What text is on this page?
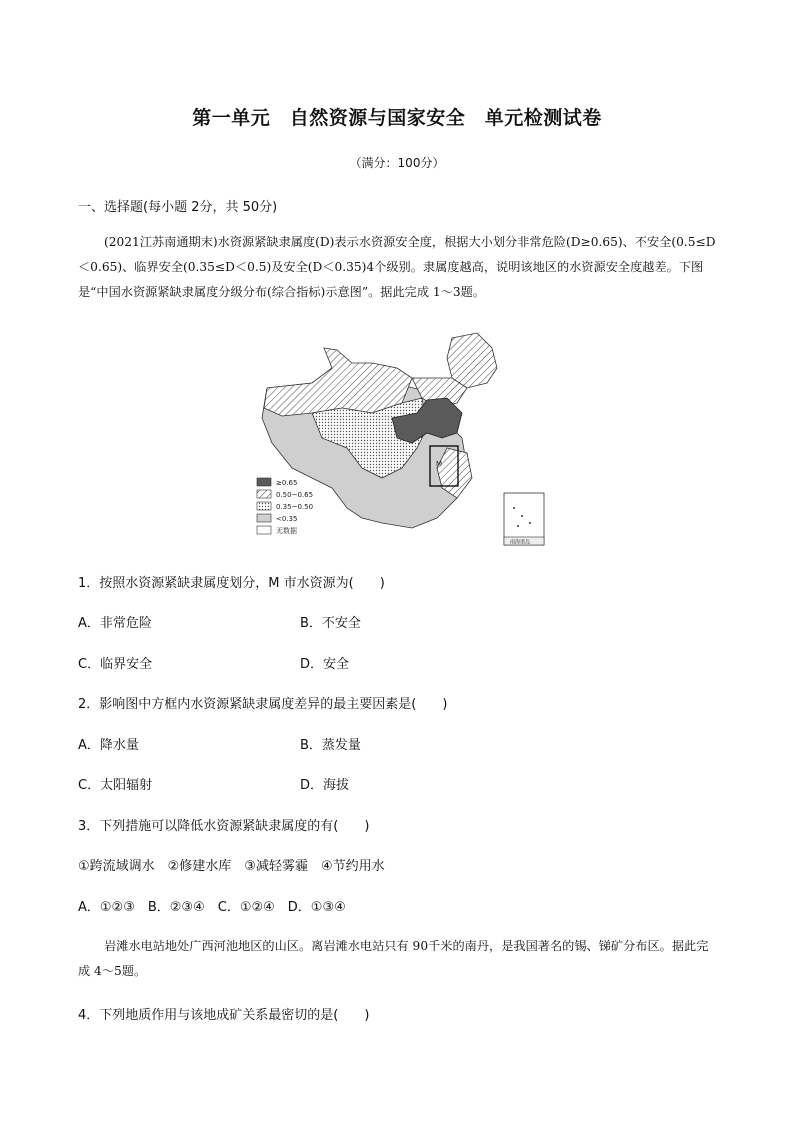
第一单元　自然资源与国家安全　单元检测试卷
（满分：100分）
一、选择题(每小题 2分，共 50分)
(2021江苏南通期末)水资源紧缺隶属度(D)表示水资源安全度，根据大小划分非常危险(D≥0.65)、不安全(0.5≤D＜0.65)、临界安全(0.35≤D＜0.5)及安全(D＜0.35)4个级别。隶属度越高，说明该地区的水资源安全度越差。下图是“中国水资源紧缺隶属度分级分布(综合指标)示意图”。据此完成 1～3题。
M
≥0.65
0.50~0.65
0.35~0.50
<0.35
无数据
南海诸岛
1．按照水资源紧缺隶属度划分，M 市水资源为(　　)
A．非常危险	B．不安全
C．临界安全	D．安全
2．影响图中方框内水资源紧缺隶属度差异的最主要因素是(　　)
A．降水量	B．蒸发量
C．太阳辐射	D．海拔
3．下列措施可以降低水资源紧缺隶属度的有(　　)
①跨流域调水　②修建水库　③减轻雾霾　④节约用水
A．①②③　B．②③④　C．①②④　D．①③④
岩滩水电站地处广西河池地区的山区。离岩滩水电站只有 90千米的南丹，是我国著名的锡、锑矿分布区。据此完成 4～5题。
4．下列地质作用与该地成矿关系最密切的是(　　)
